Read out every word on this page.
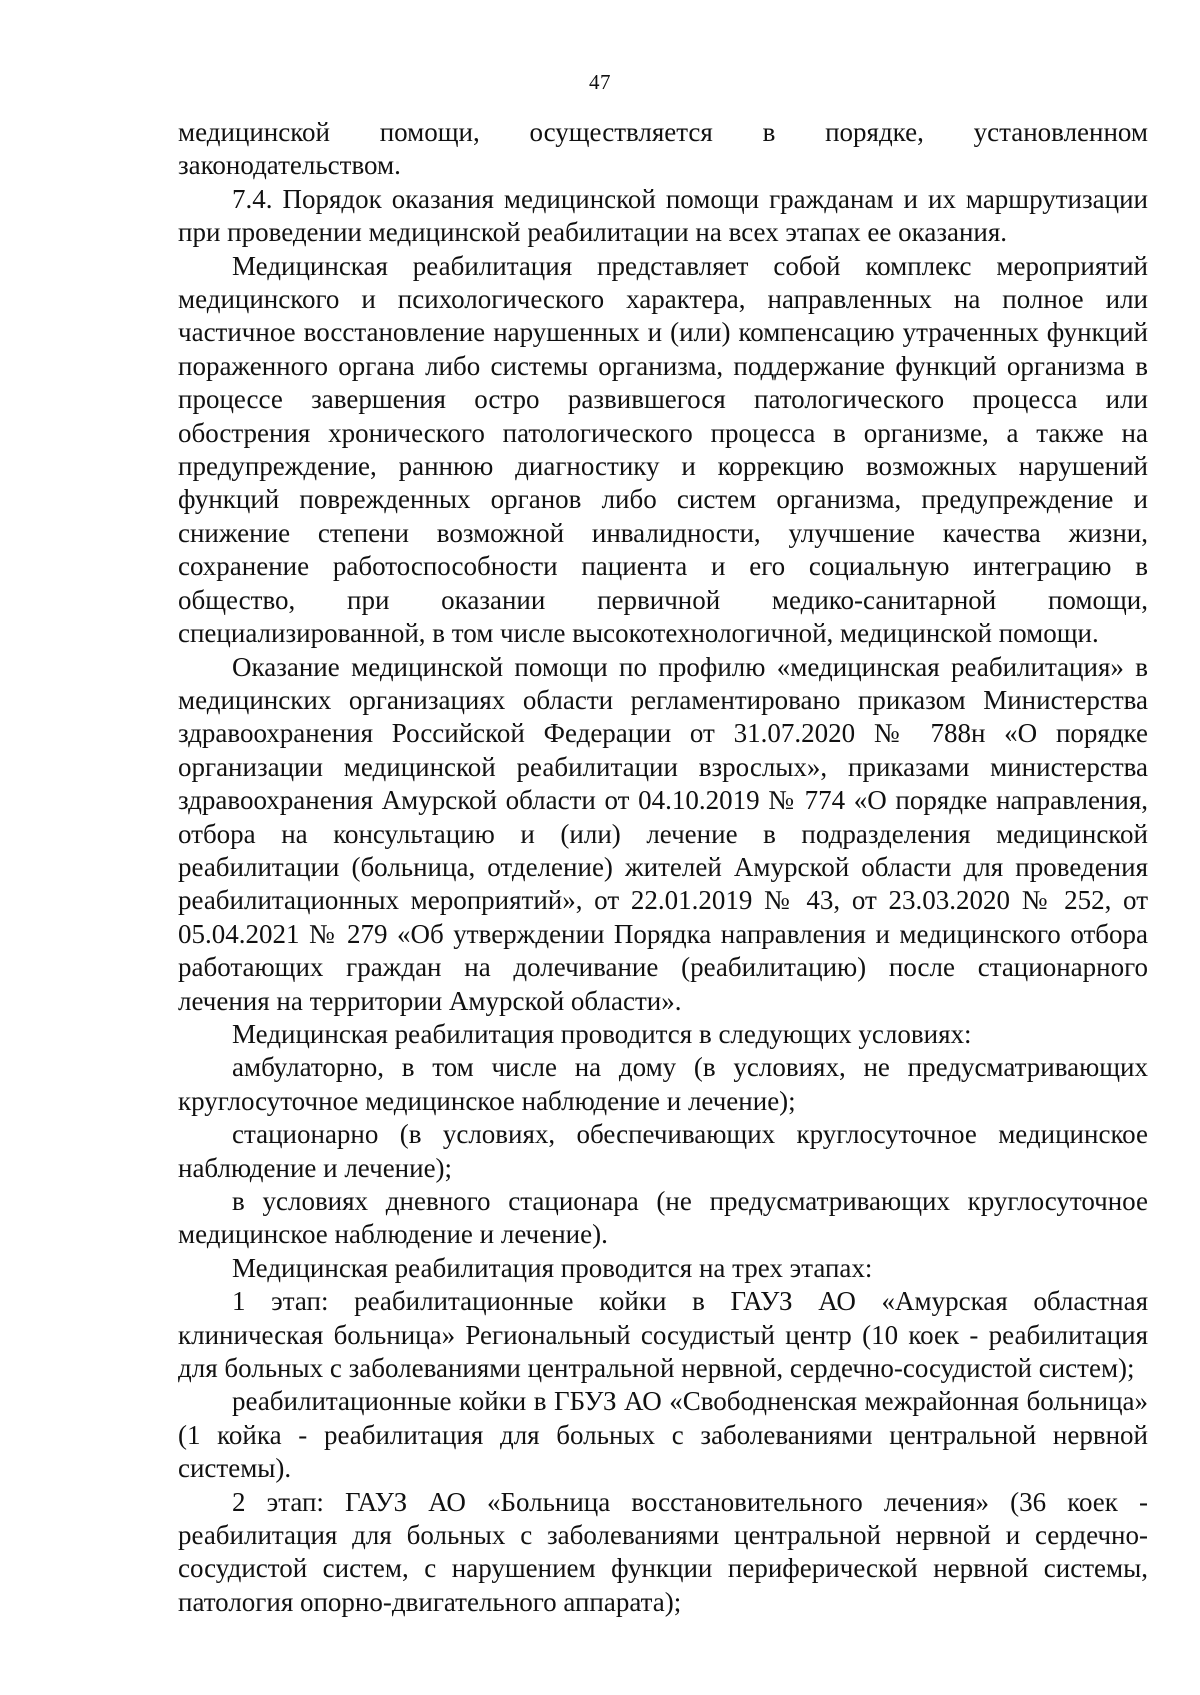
47

медицинской помощи, осуществляется в порядке, установленном
законодательством.

7.4. Порядок оказания медицинской помощи гражданам и их маршрутизации при проведении медицинской реабилитации на всех этапах ее оказания.

Медицинская реабилитация представляет собой комплекс мероприятий медицинского и психологического характера, направленных на полное или частичное восстановление нарушенных и (или) компенсацию утраченных функций пораженного органа либо системы организма, поддержание функций организма в процессе завершения остро развившегося патологического процесса или обострения хронического патологического процесса в организме, а также на предупреждение, раннюю диагностику и коррекцию возможных нарушений функций поврежденных органов либо систем организма, предупреждение и снижение степени возможной инвалидности, улучшение качества жизни, сохранение работоспособности пациента и его социальную интеграцию в общество, при оказании первичной медико-санитарной помощи, специализированной, в том числе высокотехнологичной, медицинской помощи.

Оказание медицинской помощи по профилю «медицинская реабилитация» в медицинских организациях области регламентировано приказом Министерства здравоохранения Российской Федерации от 31.07.2020 № 788н «О порядке организации медицинской реабилитации взрослых», приказами министерства здравоохранения Амурской области от 04.10.2019 № 774 «О порядке направления, отбора на консультацию и (или) лечение в подразделения медицинской реабилитации (больница, отделение) жителей Амурской области для проведения реабилитационных мероприятий», от 22.01.2019 № 43, от 23.03.2020 № 252, от 05.04.2021 № 279 «Об утверждении Порядка направления и медицинского отбора работающих граждан на долечивание (реабилитацию) после стационарного лечения на территории Амурской области».

Медицинская реабилитация проводится в следующих условиях:

амбулаторно, в том числе на дому (в условиях, не предусматривающих круглосуточное медицинское наблюдение и лечение);

стационарно (в условиях, обеспечивающих круглосуточное медицинское наблюдение и лечение);

в условиях дневного стационара (не предусматривающих круглосуточное медицинское наблюдение и лечение).

Медицинская реабилитация проводится на трех этапах:

1 этап: реабилитационные койки в ГАУЗ АО «Амурская областная клиническая больница» Региональный сосудистый центр (10 коек - реабилитация для больных с заболеваниями центральной нервной, сердечно-сосудистой систем);

реабилитационные койки в ГБУЗ АО «Свободненская межрайонная больница» (1 койка - реабилитация для больных с заболеваниями центральной нервной системы).

2 этап: ГАУЗ АО «Больница восстановительного лечения» (36 коек - реабилитация для больных с заболеваниями центральной нервной и сердечно-сосудистой систем, с нарушением функции периферической нервной системы, патология опорно-двигательного аппарата);
